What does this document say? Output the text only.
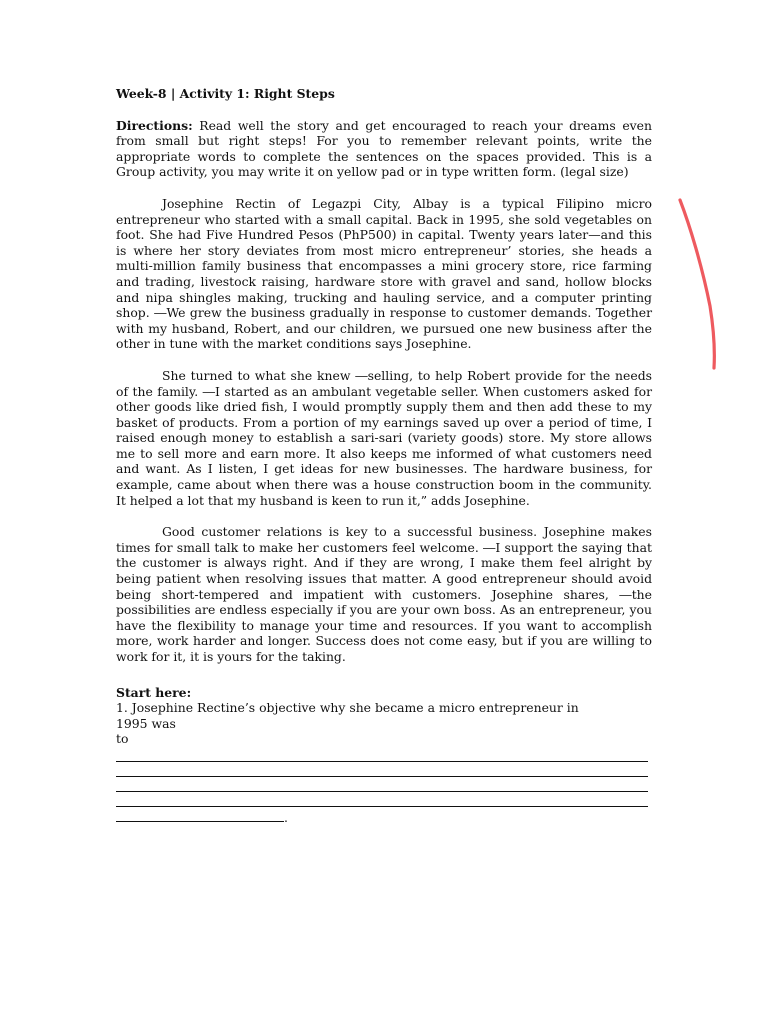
Week-8 | Activity 1: Right Steps
Directions: Read well the story and get encouraged to reach your dreams even from small but right steps! For you to remember relevant points, write the appropriate words to complete the sentences on the spaces provided. This is a Group activity, you may write it on yellow pad or in type written form. (legal size)
Josephine Rectin of Legazpi City, Albay is a typical Filipino micro entrepreneur who started with a small capital. Back in 1995, she sold vegetables on foot. She had Five Hundred Pesos (PhP500) in capital. Twenty years later—and this is where her story deviates from most micro entrepreneur’ stories, she heads a multi-million family business that encompasses a mini grocery store, rice farming and trading, livestock raising, hardware store with gravel and sand, hollow blocks and nipa shingles making, trucking and hauling service, and a computer printing shop. ―We grew the business gradually in response to customer demands. Together with my husband, Robert, and our children, we pursued one new business after the other in tune with the market conditions says Josephine.
She turned to what she knew ―selling, to help Robert provide for the needs of the family. ―I started as an ambulant vegetable seller. When customers asked for other goods like dried fish, I would promptly supply them and then add these to my basket of products. From a portion of my earnings saved up over a period of time, I raised enough money to establish a sari-sari (variety goods) store. My store allows me to sell more and earn more. It also keeps me informed of what customers need and want. As I listen, I get ideas for new businesses. The hardware business, for example, came about when there was a house construction boom in the community. It helped a lot that my husband is keen to run it,” adds Josephine.
Good customer relations is key to a successful business. Josephine makes times for small talk to make her customers feel welcome. ―I support the saying that the customer is always right. And if they are wrong, I make them feel alright by being patient when resolving issues that matter. A good entrepreneur should avoid being short-tempered and impatient with customers. Josephine shares, ―the possibilities are endless especially if you are your own boss. As an entrepreneur, you have the flexibility to manage your time and resources. If you want to accomplish more, work harder and longer. Success does not come easy, but if you are willing to work for it, it is yours for the taking.
Start here:
1. Josephine Rectine’s objective why she became a micro entrepreneur in
1995 was
to
.
